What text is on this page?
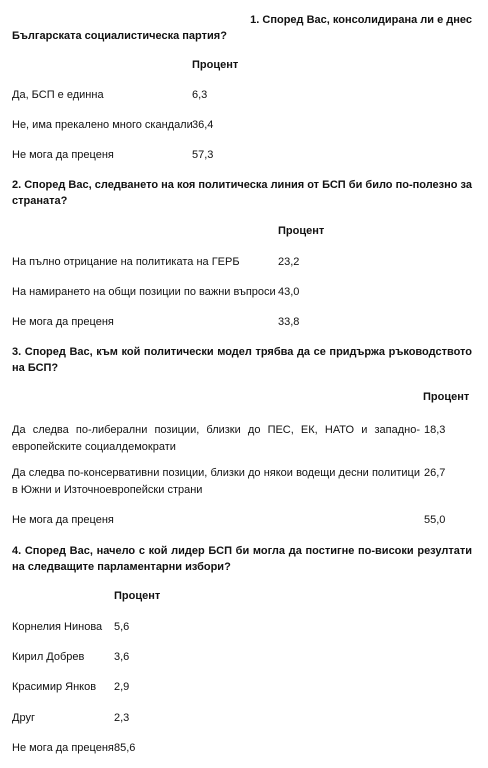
1. Според Вас, консолидирана ли е днес
Българската социалистическа партия?
Процент
Да, БСП е единна	6,3
Не, има прекалено много скандали 36,4
Не мога да преценя	57,3
2. Според Вас, следването на коя политическа линия от БСП би било по-полезно за страната?
Процент
На пълно отрицание на политиката на ГЕРБ	23,2
На намирането на общи позиции по важни въпроси 43,0
Не мога да преценя	33,8
3. Според Вас, към кой политически модел трябва да се придържа ръководството на БСП?
Процент
Да следва по-либерални позиции, близки до ПЕС, ЕК, НАТО и западно-европейските социалдемократи
18,3
Да следва по-консервативни позиции, близки до някои водещи десни политици в Южни и Източноевропейски страни
26,7
Не мога да преценя	55,0
4. Според Вас, начело с кой лидер БСП би могла да постигне по-високи резултати на следващите парламентарни избори?
Процент
Корнелия Нинова 5,6
Кирил Добрев	3,6
Красимир Янков 2,9
Друг	2,3
Не мога да преценя 85,6
